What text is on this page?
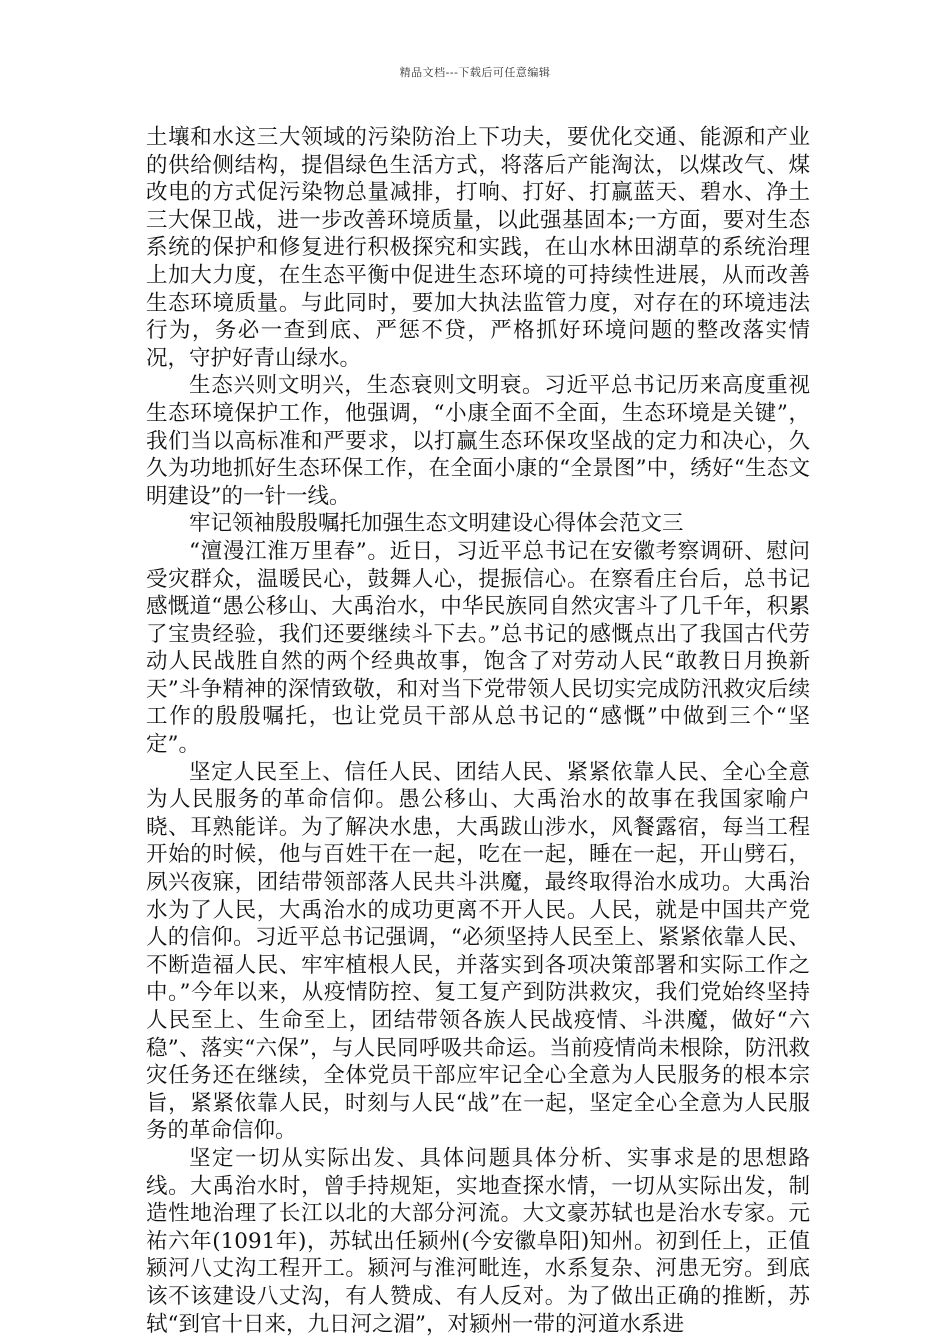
精品文档---下载后可任意编辑

土壤和水这三大领域的污染防治上下功夫，要优化交通、能源和产业的供给侧结构，提倡绿色生活方式，将落后产能淘汰，以煤改气、煤改电的方式促污染物总量减排，打响、打好、打赢蓝天、碧水、净土三大保卫战，进一步改善环境质量，以此强基固本;一方面，要对生态系统的保护和修复进行积极探究和实践，在山水林田湖草的系统治理上加大力度，在生态平衡中促进生态环境的可持续性进展，从而改善生态环境质量。与此同时，要加大执法监管力度，对存在的环境违法行为，务必一查到底、严惩不贷，严格抓好环境问题的整改落实情况，守护好青山绿水。

生态兴则文明兴，生态衰则文明衰。习近平总书记历来高度重视生态环境保护工作，他强调，“小康全面不全面，生态环境是关键”，我们当以高标准和严要求，以打赢生态环保攻坚战的定力和决心，久久为功地抓好生态环保工作，在全面小康的“全景图”中，绣好“生态文明建设”的一针一线。

牢记领袖殷殷嘱托加强生态文明建设心得体会范文三

“澶漫江淮万里春”。近日，习近平总书记在安徽考察调研、慰问受灾群众，温暖民心，鼓舞人心，提振信心。在察看庄台后，总书记感慨道“愚公移山、大禹治水，中华民族同自然灾害斗了几千年，积累了宝贵经验，我们还要继续斗下去。”总书记的感慨点出了我国古代劳动人民战胜自然的两个经典故事，饱含了对劳动人民“敢教日月换新天”斗争精神的深情致敬，和对当下党带领人民切实完成防汛救灾后续工作的殷殷嘱托，也让党员干部从总书记的“感慨”中做到三个“坚定”。

坚定人民至上、信任人民、团结人民、紧紧依靠人民、全心全意为人民服务的革命信仰。愚公移山、大禹治水的故事在我国家喻户晓、耳熟能详。为了解决水患，大禹跋山涉水，风餐露宿，每当工程开始的时候，他与百姓干在一起，吃在一起，睡在一起，开山劈石，夙兴夜寐，团结带领部落人民共斗洪魔，最终取得治水成功。大禹治水为了人民，大禹治水的成功更离不开人民。人民，就是中国共产党人的信仰。习近平总书记强调，“必须坚持人民至上、紧紧依靠人民、不断造福人民、牢牢植根人民，并落实到各项决策部署和实际工作之中。”今年以来，从疫情防控、复工复产到防洪救灾，我们党始终坚持人民至上、生命至上，团结带领各族人民战疫情、斗洪魔，做好“六稳”、落实“六保”，与人民同呼吸共命运。当前疫情尚未根除，防汛救灾任务还在继续，全体党员干部应牢记全心全意为人民服务的根本宗旨，紧紧依靠人民，时刻与人民“战”在一起，坚定全心全意为人民服务的革命信仰。

坚定一切从实际出发、具体问题具体分析、实事求是的思想路线。大禹治水时，曾手持规矩，实地查探水情，一切从实际出发，制造性地治理了长江以北的大部分河流。大文豪苏轼也是治水专家。元祐六年(1091年)，苏轼出任颍州(今安徽阜阳)知州。初到任上，正值颍河八丈沟工程开工。颍河与淮河毗连，水系复杂、河患无穷。到底该不该建设八丈沟，有人赞成、有人反对。为了做出正确的推断，苏轼“到官十日来，九日河之湄”，对颍州一带的河道水系进
